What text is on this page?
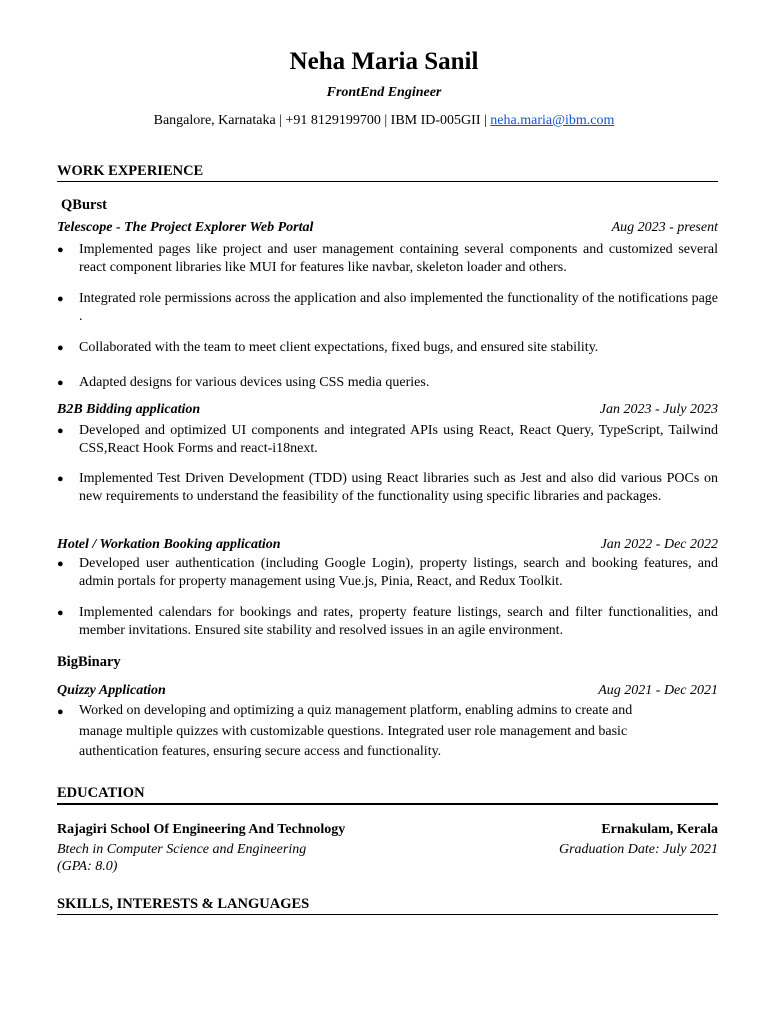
Neha Maria Sanil
FrontEnd Engineer
Bangalore, Karnataka | +91 8129199700 | IBM ID-005GII | neha.maria@ibm.com
WORK EXPERIENCE
QBurst
Telescope - The Project Explorer Web Portal	Aug 2023 - present
●	Implemented pages like project and user management containing several components and customized several react component libraries like MUI for features like navbar, skeleton loader and others.
●	Integrated role permissions across the application and also implemented the functionality of the notifications page .
●	Collaborated with the team to meet client expectations, fixed bugs, and ensured site stability.
●	Adapted designs for various devices using CSS media queries.
B2B Bidding application	Jan 2023 - July 2023
●	Developed and optimized UI components and integrated APIs using React, React Query, TypeScript, Tailwind CSS,React Hook Forms and react-i18next.
●	Implemented Test Driven Development (TDD) using React libraries such as Jest and also did various POCs on new requirements to understand the feasibility of the functionality using specific libraries and packages.
Hotel / Workation Booking application	Jan 2022 - Dec 2022
●	Developed user authentication (including Google Login), property listings, search and booking features, and admin portals for property management using Vue.js, Pinia, React, and Redux Toolkit.
●	Implemented calendars for bookings and rates, property feature listings, search and filter functionalities, and member invitations. Ensured site stability and resolved issues in an agile environment.
BigBinary
Quizzy Application	Aug 2021 - Dec 2021
●	Worked on developing and optimizing a quiz management platform, enabling admins to create and manage multiple quizzes with customizable questions. Integrated user role management and basic authentication features, ensuring secure access and functionality.
EDUCATION
Rajagiri School Of Engineering And Technology	Ernakulam, Kerala
Btech in Computer Science and Engineering	Graduation Date: July 2021
(GPA: 8.0)
SKILLS, INTERESTS & LANGUAGES
